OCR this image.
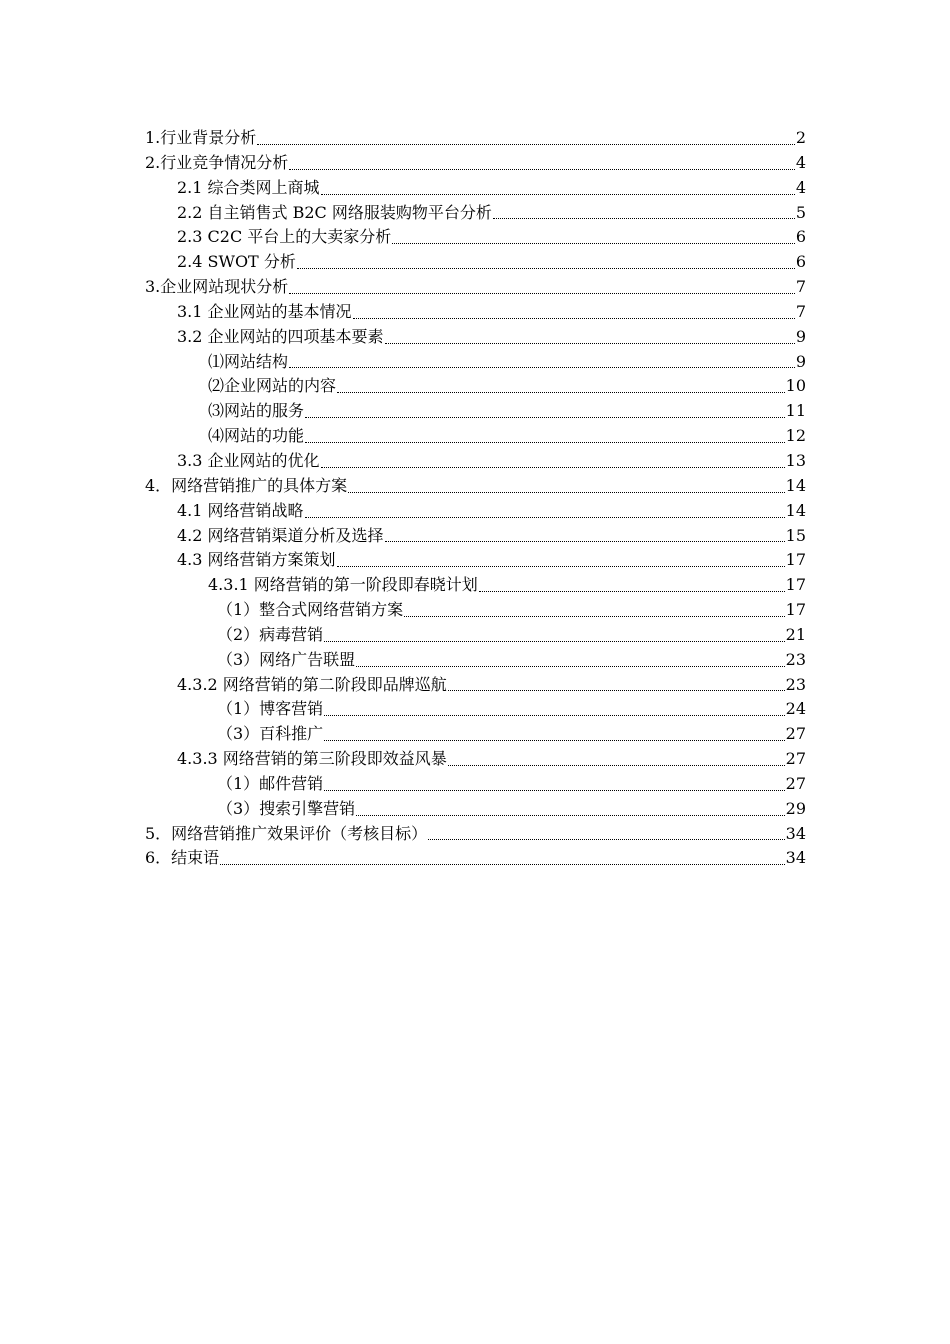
1.行业背景分析	2
2.行业竞争情况分析	4
2.1 综合类网上商城	4
2.2 自主销售式 B2C 网络服装购物平台分析	5
2.3 C2C 平台上的大卖家分析	6
2.4 SWOT 分析	6
3.企业网站现状分析	7
3.1 企业网站的基本情况	7
3.2 企业网站的四项基本要素	9
⑴网站结构	9
⑵企业网站的内容	10
⑶网站的服务	11
⑷网站的功能	12
3.3 企业网站的优化	13
4．网络营销推广的具体方案	14
4.1 网络营销战略	14
4.2 网络营销渠道分析及选择	15
4.3 网络营销方案策划	17
4.3.1 网络营销的第一阶段即春晓计划	17
（1）整合式网络营销方案	17
（2）病毒营销	21
（3）网络广告联盟	23
4.3.2 网络营销的第二阶段即品牌巡航	23
（1）博客营销	24
（3）百科推广	27
4.3.3 网络营销的第三阶段即效益风暴	27
（1）邮件营销	27
（3）搜索引擎营销	29
5．网络营销推广效果评价（考核目标）	34
6．结束语	34
